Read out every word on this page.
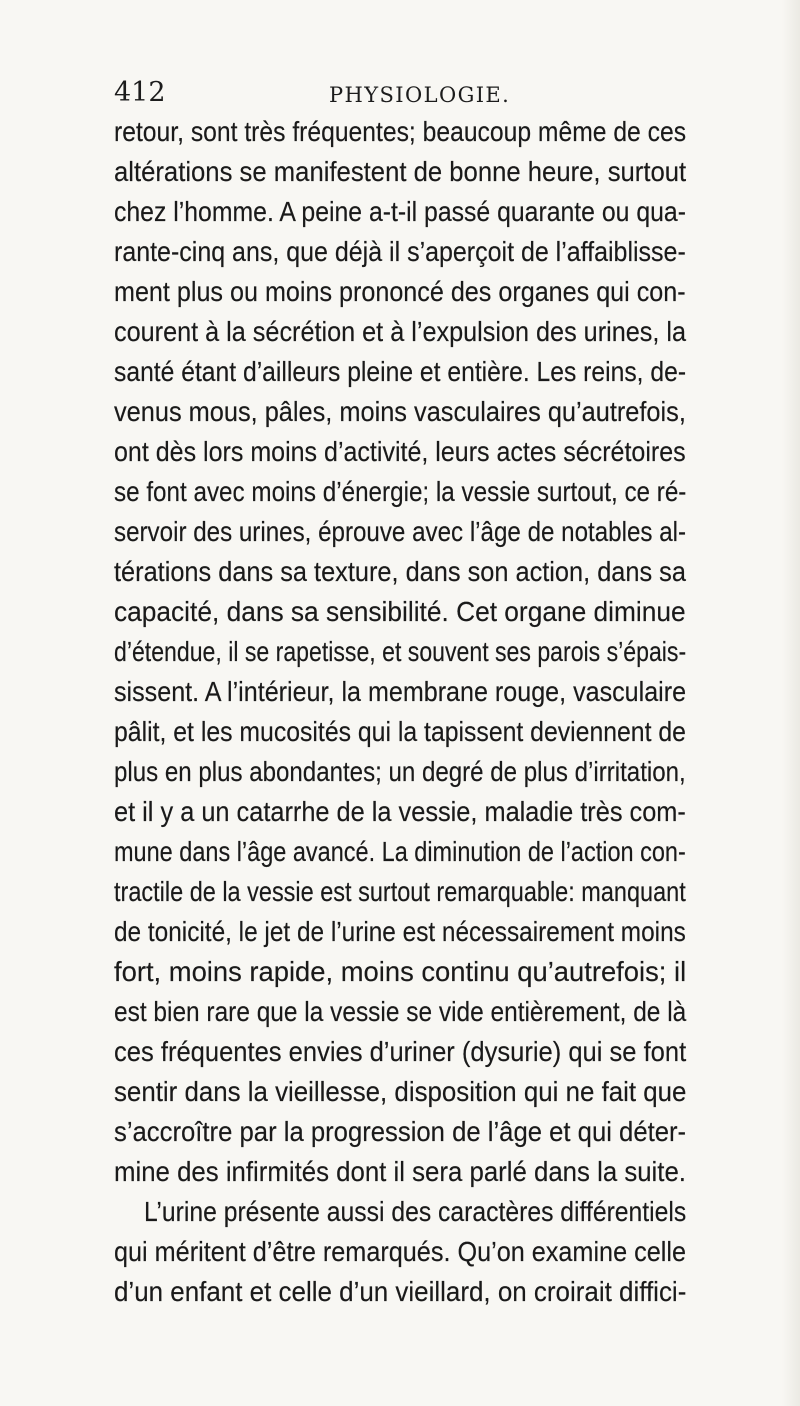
412	PHYSIOLOGIE.
retour, sont très fréquentes; beaucoup même de ces
altérations se manifestent de bonne heure, surtout
chez l’homme. A peine a-t-il passé quarante ou qua-
rante-cinq ans, que déjà il s’aperçoit de l’affaiblisse-
ment plus ou moins prononcé des organes qui con-
courent à la sécrétion et à l’expulsion des urines, la
santé étant d’ailleurs pleine et entière. Les reins, de-
venus mous, pâles, moins vasculaires qu’autrefois,
ont dès lors moins d’activité, leurs actes sécrétoires
se font avec moins d’énergie; la vessie surtout, ce ré-
servoir des urines, éprouve avec l’âge de notables al-
térations dans sa texture, dans son action, dans sa
capacité, dans sa sensibilité. Cet organe diminue
d’étendue, il se rapetisse, et souvent ses parois s’épais-
sissent. A l’intérieur, la membrane rouge, vasculaire
pâlit, et les mucosités qui la tapissent deviennent de
plus en plus abondantes; un degré de plus d’irritation,
et il y a un catarrhe de la vessie, maladie très com-
mune dans l’âge avancé. La diminution de l’action con-
tractile de la vessie est surtout remarquable: manquant
de tonicité, le jet de l’urine est nécessairement moins
fort, moins rapide, moins continu qu’autrefois; il
est bien rare que la vessie se vide entièrement, de là
ces fréquentes envies d’uriner (dysurie) qui se font
sentir dans la vieillesse, disposition qui ne fait que
s’accroître par la progression de l’âge et qui déter-
mine des infirmités dont il sera parlé dans la suite.
L’urine présente aussi des caractères différentiels
qui méritent d’être remarqués. Qu’on examine celle
d’un enfant et celle d’un vieillard, on croirait diffici-
